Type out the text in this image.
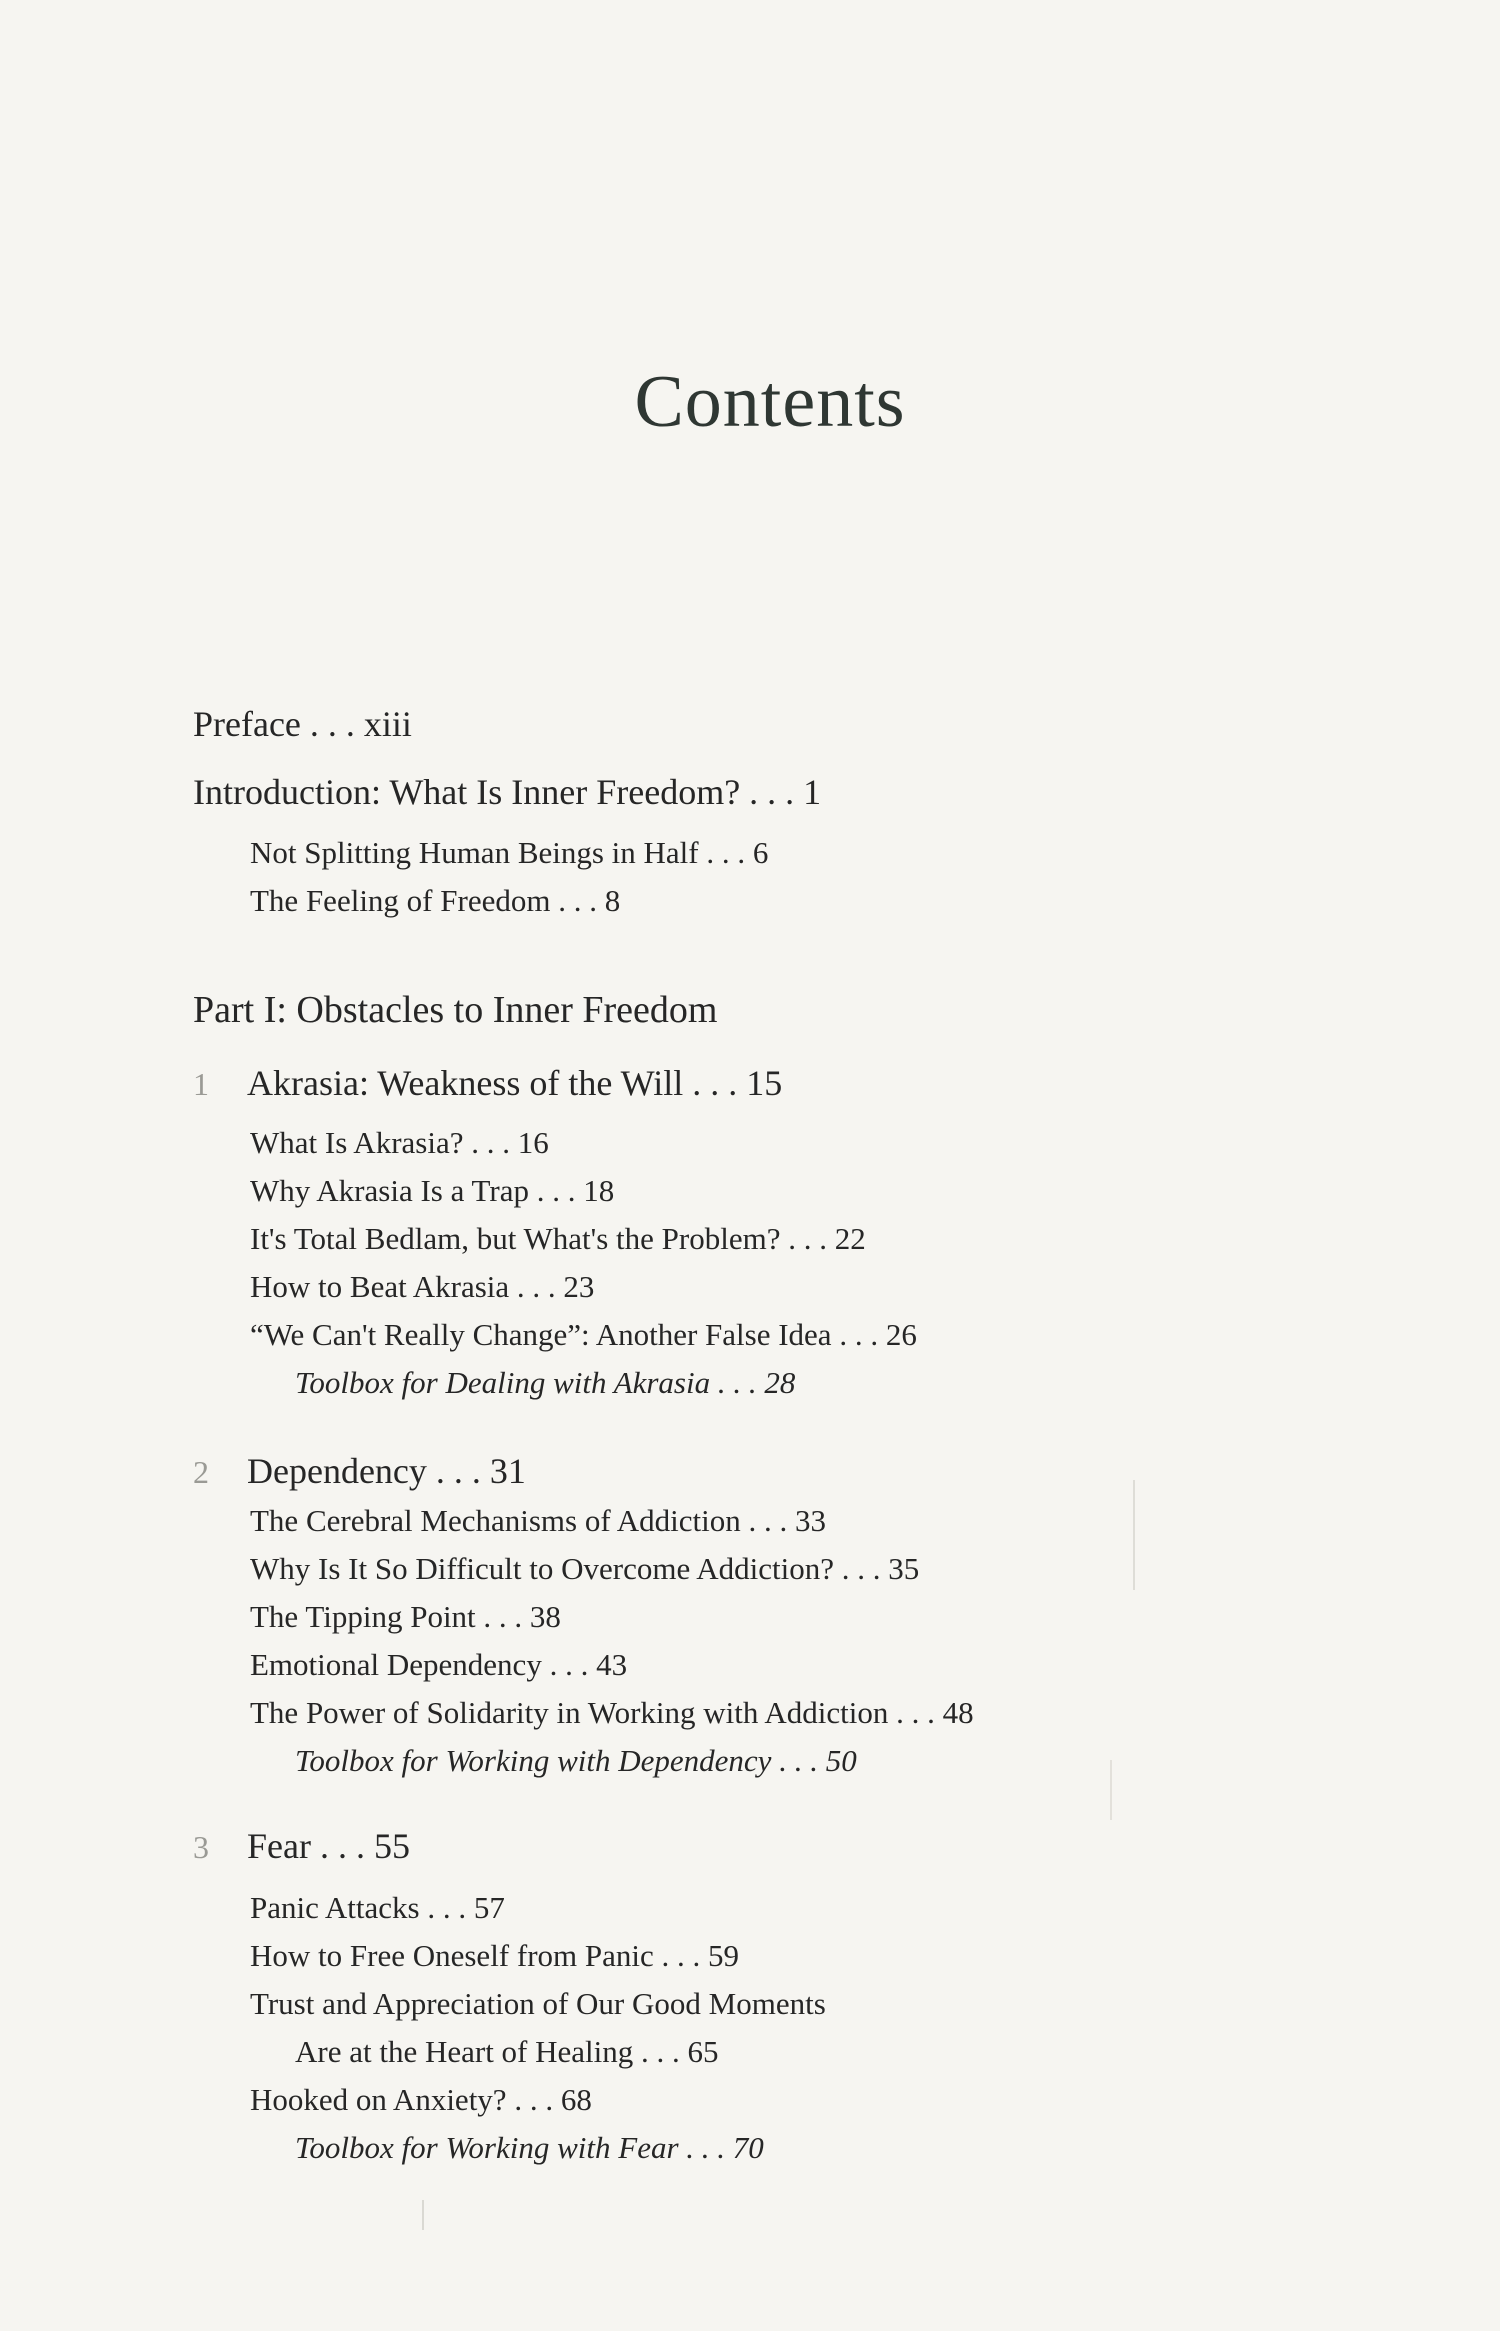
Contents
Preface . . . xiii
Introduction: What Is Inner Freedom? . . . 1
Not Splitting Human Beings in Half . . . 6
The Feeling of Freedom . . . 8
Part I: Obstacles to Inner Freedom
1 Akrasia: Weakness of the Will . . . 15
What Is Akrasia? . . . 16
Why Akrasia Is a Trap . . . 18
It's Total Bedlam, but What's the Problem? . . . 22
How to Beat Akrasia . . . 23
“We Can't Really Change”: Another False Idea . . . 26
Toolbox for Dealing with Akrasia . . . 28
2 Dependency . . . 31
The Cerebral Mechanisms of Addiction . . . 33
Why Is It So Difficult to Overcome Addiction? . . . 35
The Tipping Point . . . 38
Emotional Dependency . . . 43
The Power of Solidarity in Working with Addiction . . . 48
Toolbox for Working with Dependency . . . 50
3 Fear . . . 55
Panic Attacks . . . 57
How to Free Oneself from Panic . . . 59
Trust and Appreciation of Our Good Moments
Are at the Heart of Healing . . . 65
Hooked on Anxiety? . . . 68
Toolbox for Working with Fear . . . 70
